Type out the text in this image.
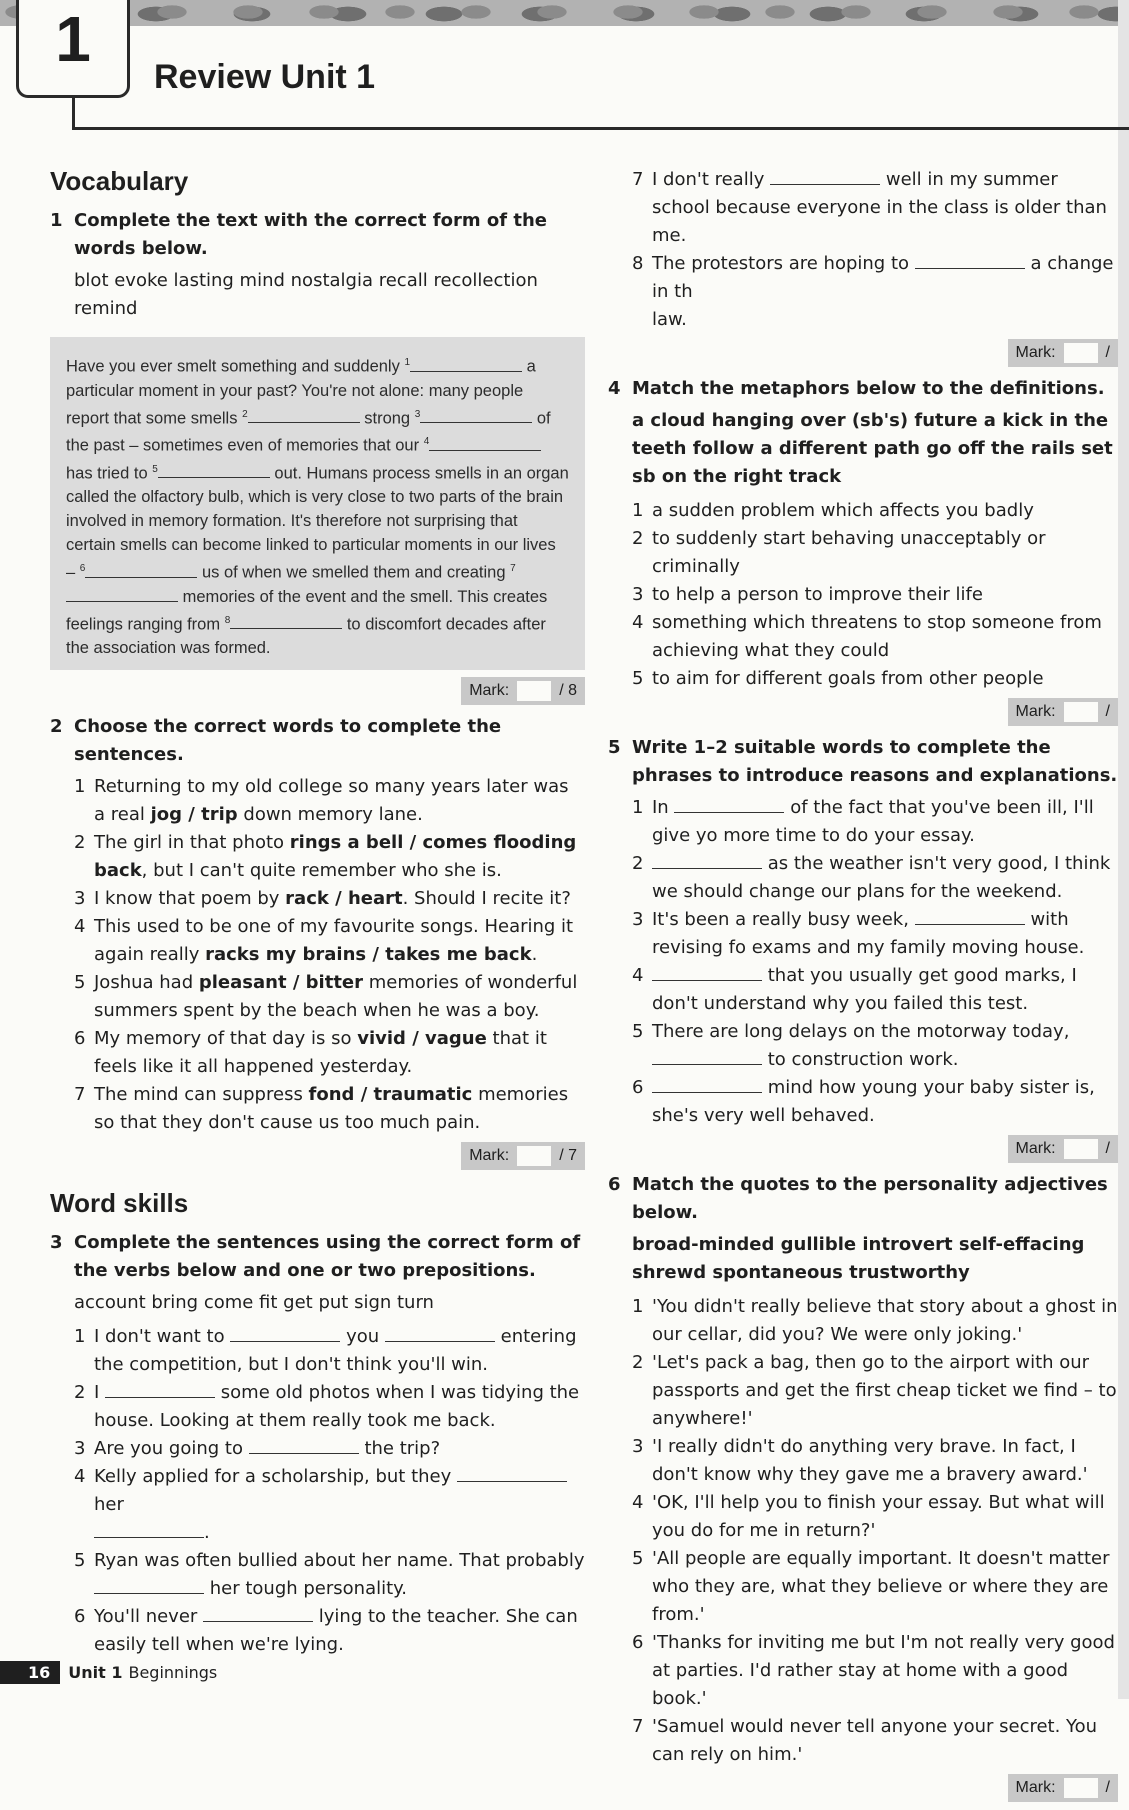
1
Review Unit 1
Vocabulary
1 Complete the text with the correct form of the words below.
blot evoke lasting mind nostalgia recall recollection remind
Have you ever smelt something and suddenly $^1$	a particular moment in your past? You're not alone: many people report that some smells $^2$	strong $^3$	of the past – sometimes even of memories that our $^4$ has tried to $^5$	out. Humans process smells in an organ called the olfactory bulb, which is very close to two parts of the brain involved in memory formation. It's therefore not surprising that certain smells can become linked to particular moments in our lives – $^6$	us of when we smelled them and creating $^7$ memories of the event and the smell. This creates feelings ranging from $^8$	to discomfort decades after the association was formed.
Mark:	/ 8
2 Choose the correct words to complete the sentences.
1 Returning to my old college so many years later was a real jog / trip down memory lane.
2 The girl in that photo rings a bell / comes flooding back, but I can't quite remember who she is.
3 I know that poem by rack / heart. Should I recite it?
4 This used to be one of my favourite songs. Hearing it again really racks my brains / takes me back.
5 Joshua had pleasant / bitter memories of wonderful summers spent by the beach when he was a boy.
6 My memory of that day is so vivid / vague that it feels like it all happened yesterday.
7 The mind can suppress fond / traumatic memories so that they don't cause us too much pain.
Mark:	/ 7
Word skills
3 Complete the sentences using the correct form of the verbs below and one or two prepositions.
account bring come fit get put sign turn
1 I don't want to	you	entering the competition, but I don't think you'll win.
2 I	some old photos when I was tidying the house. Looking at them really took me back.
3 Are you going to	the trip?
4 Kelly applied for a scholarship, but they  her
.
5 Ryan was often bullied about her name. That probably
her tough personality.
6 You'll never	lying to the teacher. She can easily tell when we're lying.
7 I don't really	well in my summer school because everyone in the class is older than me.
8 The protestors are hoping to	a change in th
law.
Mark:	/
4 Match the metaphors below to the definitions.
a cloud hanging over (sb's) future a kick in the teeth follow a different path go off the rails set sb on the right track
1 a sudden problem which affects you badly
2 to suddenly start behaving unacceptably or criminally
3 to help a person to improve their life
4 something which threatens to stop someone from achieving what they could
5 to aim for different goals from other people
Mark:	/
5 Write 1–2 suitable words to complete the phrases to introduce reasons and explanations.
1 In	of the fact that you've been ill, I'll give yo more time to do your essay.
2	as the weather isn't very good, I think we should change our plans for the weekend.
3 It's been a really busy week,	with revising fo exams and my family moving house.
4	that you usually get good marks, I don't understand why you failed this test.
5 There are long delays on the motorway today,
to construction work.
6	mind how young your baby sister is, she's very well behaved.
Mark:	/
6 Match the quotes to the personality adjectives below.
broad-minded gullible introvert self-effacing shrewd spontaneous trustworthy
1 'You didn't really believe that story about a ghost in our cellar, did you? We were only joking.'
2 'Let's pack a bag, then go to the airport with our passports and get the first cheap ticket we find – to anywhere!'
3 'I really didn't do anything very brave. In fact, I don't know why they gave me a bravery award.'
4 'OK, I'll help you to finish your essay. But what will you do for me in return?'
5 'All people are equally important. It doesn't matter who they are, what they believe or where they are from.'
6 'Thanks for inviting me but I'm not really very good at parties. I'd rather stay at home with a good book.'
7 'Samuel would never tell anyone your secret. You can rely on him.'
Mark:	/
16	Unit 1 Beginnings
